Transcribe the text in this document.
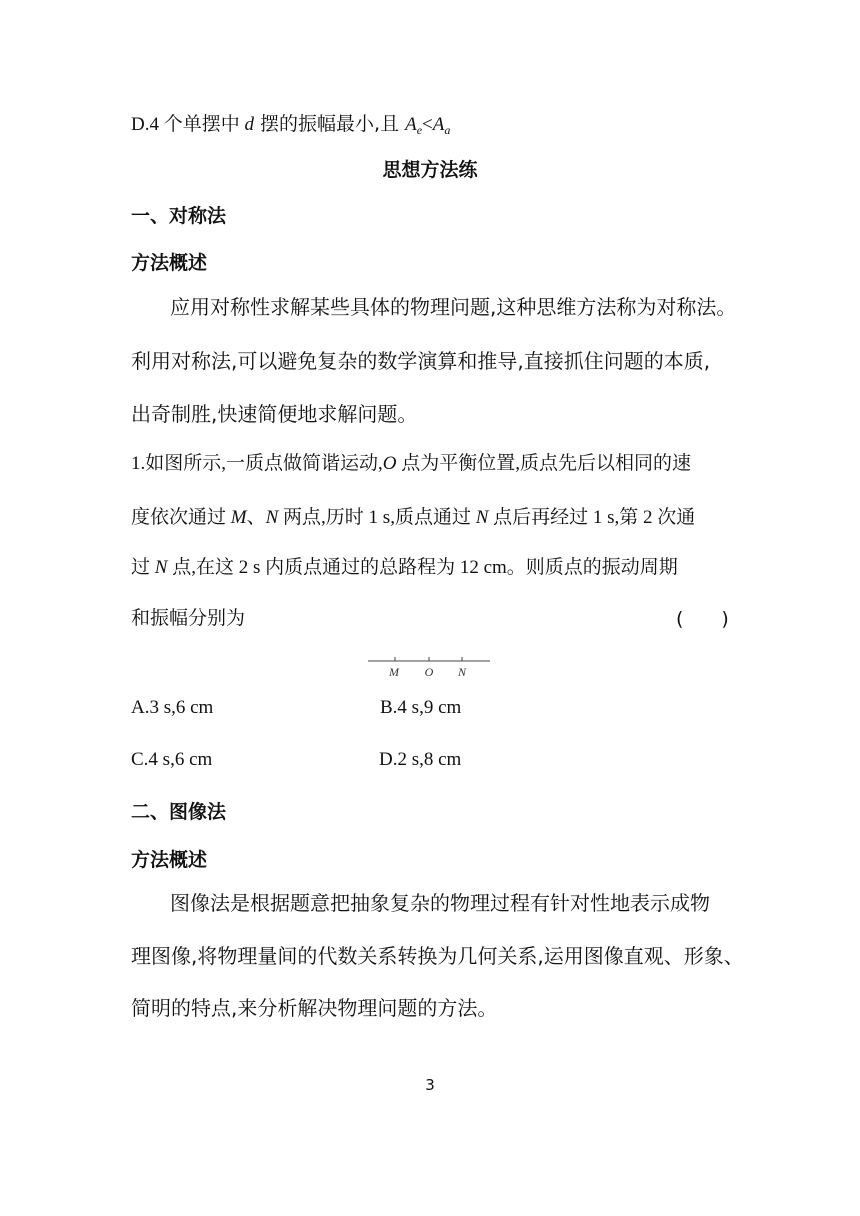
D.4 个单摆中 d 摆的振幅最小,且 $A_e<A_a$
思想方法练
一、对称法
方法概述
应用对称性求解某些具体的物理问题,这种思维方法称为对称法。
利用对称法,可以避免复杂的数学演算和推导,直接抓住问题的本质,
出奇制胜,快速简便地求解问题。
1.如图所示,一质点做简谐运动,O 点为平衡位置,质点先后以相同的速
度依次通过 M、N 两点,历时 1 s,质点通过 N 点后再经过 1 s,第 2 次通
过 N 点,在这 2 s 内质点通过的总路程为 12 cm。则质点的振动周期
和振幅分别为	(　　)
M O N
A.3 s,6 cm	B.4 s,9 cm
C.4 s,6 cm	D.2 s,8 cm
二、图像法
方法概述
图像法是根据题意把抽象复杂的物理过程有针对性地表示成物
理图像,将物理量间的代数关系转换为几何关系,运用图像直观、形象、
简明的特点,来分析解决物理问题的方法。
3
